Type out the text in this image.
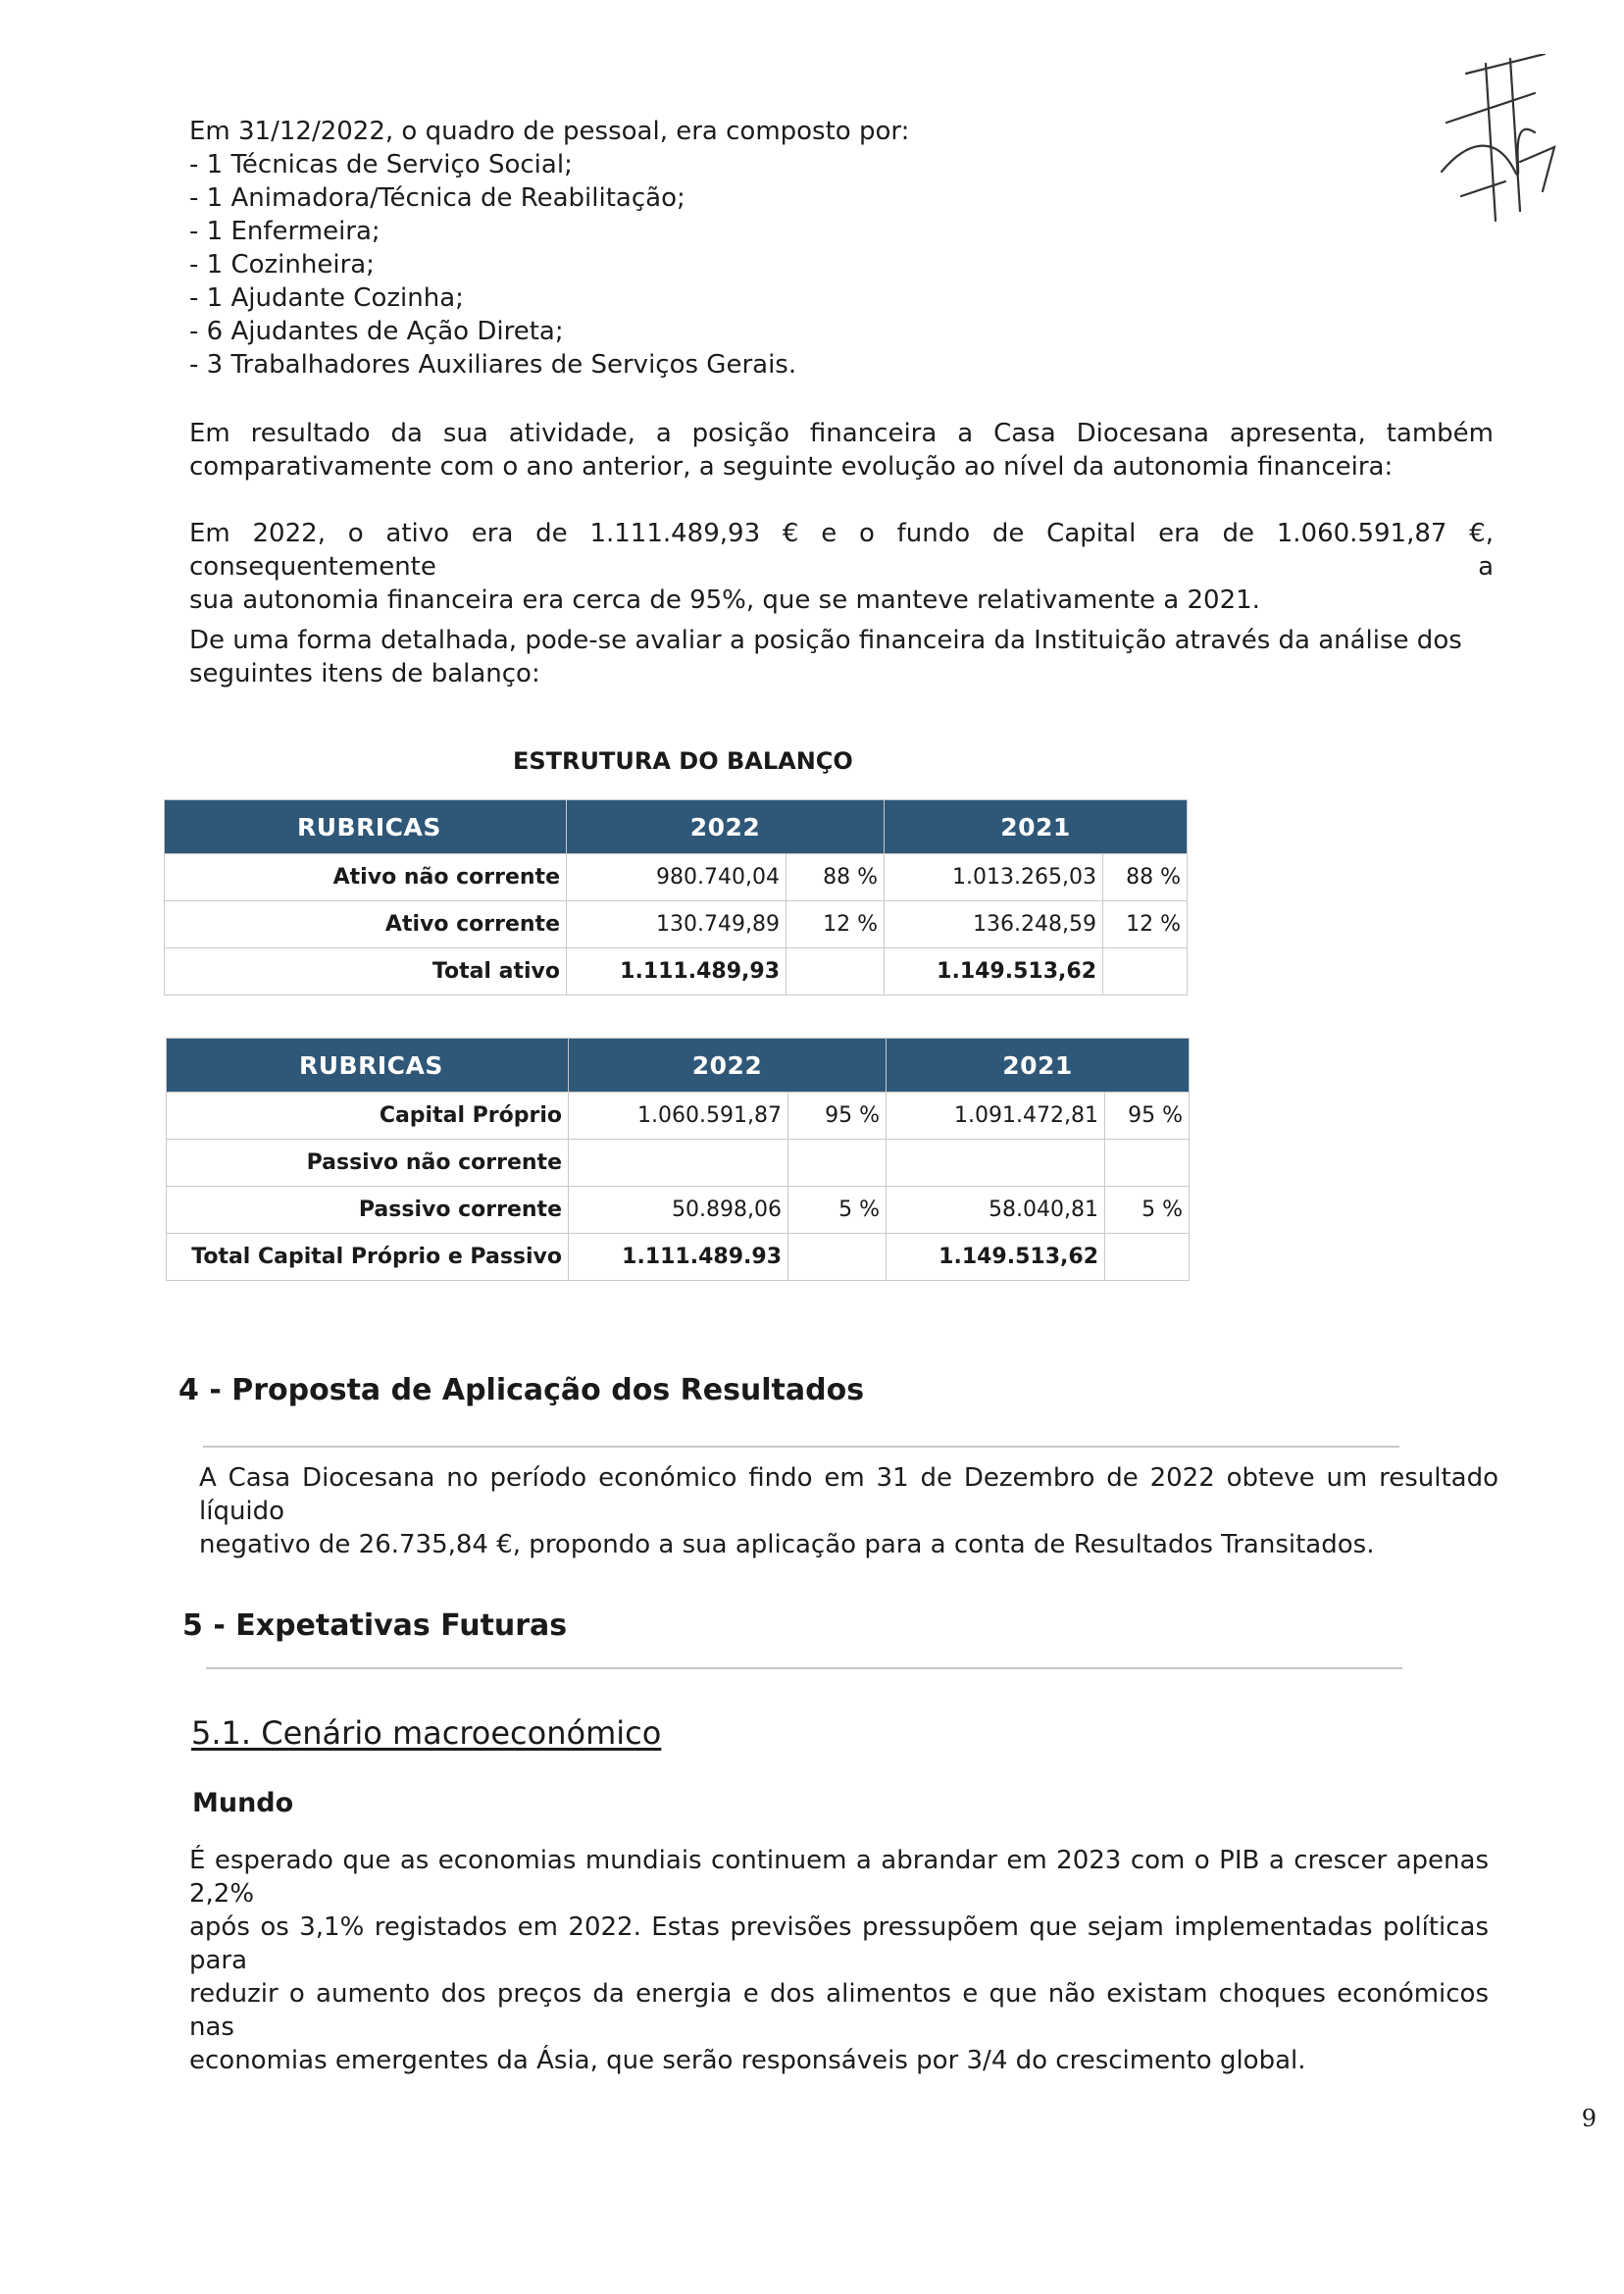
Em 31/12/2022, o quadro de pessoal, era composto por:
- 1 Técnicas de Serviço Social;
- 1 Animadora/Técnica de Reabilitação;
- 1 Enfermeira;
- 1 Cozinheira;
- 1 Ajudante Cozinha;
- 6 Ajudantes de Ação Direta;
- 3 Trabalhadores Auxiliares de Serviços Gerais.
Em resultado da sua atividade, a posição financeira a Casa Diocesana apresenta, também
comparativamente com o ano anterior, a seguinte evolução ao nível da autonomia financeira:
Em 2022, o ativo era de 1.111.489,93 € e o fundo de Capital era de 1.060.591,87 €, consequentemente a
sua autonomia financeira era cerca de 95%, que se manteve relativamente a 2021.
De uma forma detalhada, pode-se avaliar a posição financeira da Instituição através da análise dos
seguintes itens de balanço:
ESTRUTURA DO BALANÇO
RUBRICAS	2022		2021	
Ativo não corrente	980.740,04	88 %	1.013.265,03	88 %
Ativo corrente	130.749,89	12 %	136.248,59	12 %
Total ativo	1.111.489,93		1.149.513,62	
RUBRICAS	2022		2021	
Capital Próprio	1.060.591,87	95 %	1.091.472,81	95 %
Passivo não corrente				
Passivo corrente	50.898,06	5 %	58.040,81	5 %
Total Capital Próprio e Passivo	1.111.489.93		1.149.513,62	
4 - Proposta de Aplicação dos Resultados
A Casa Diocesana no período económico findo em 31 de Dezembro de 2022 obteve um resultado líquido
negativo de 26.735,84 €, propondo a sua aplicação para a conta de Resultados Transitados.
5 - Expetativas Futuras
5.1. Cenário macroeconómico
Mundo
É esperado que as economias mundiais continuem a abrandar em 2023 com o PIB a crescer apenas 2,2%
após os 3,1% registados em 2022. Estas previsões pressupõem que sejam implementadas políticas para
reduzir o aumento dos preços da energia e dos alimentos e que não existam choques económicos nas
economias emergentes da Ásia, que serão responsáveis por 3/4 do crescimento global.
9
